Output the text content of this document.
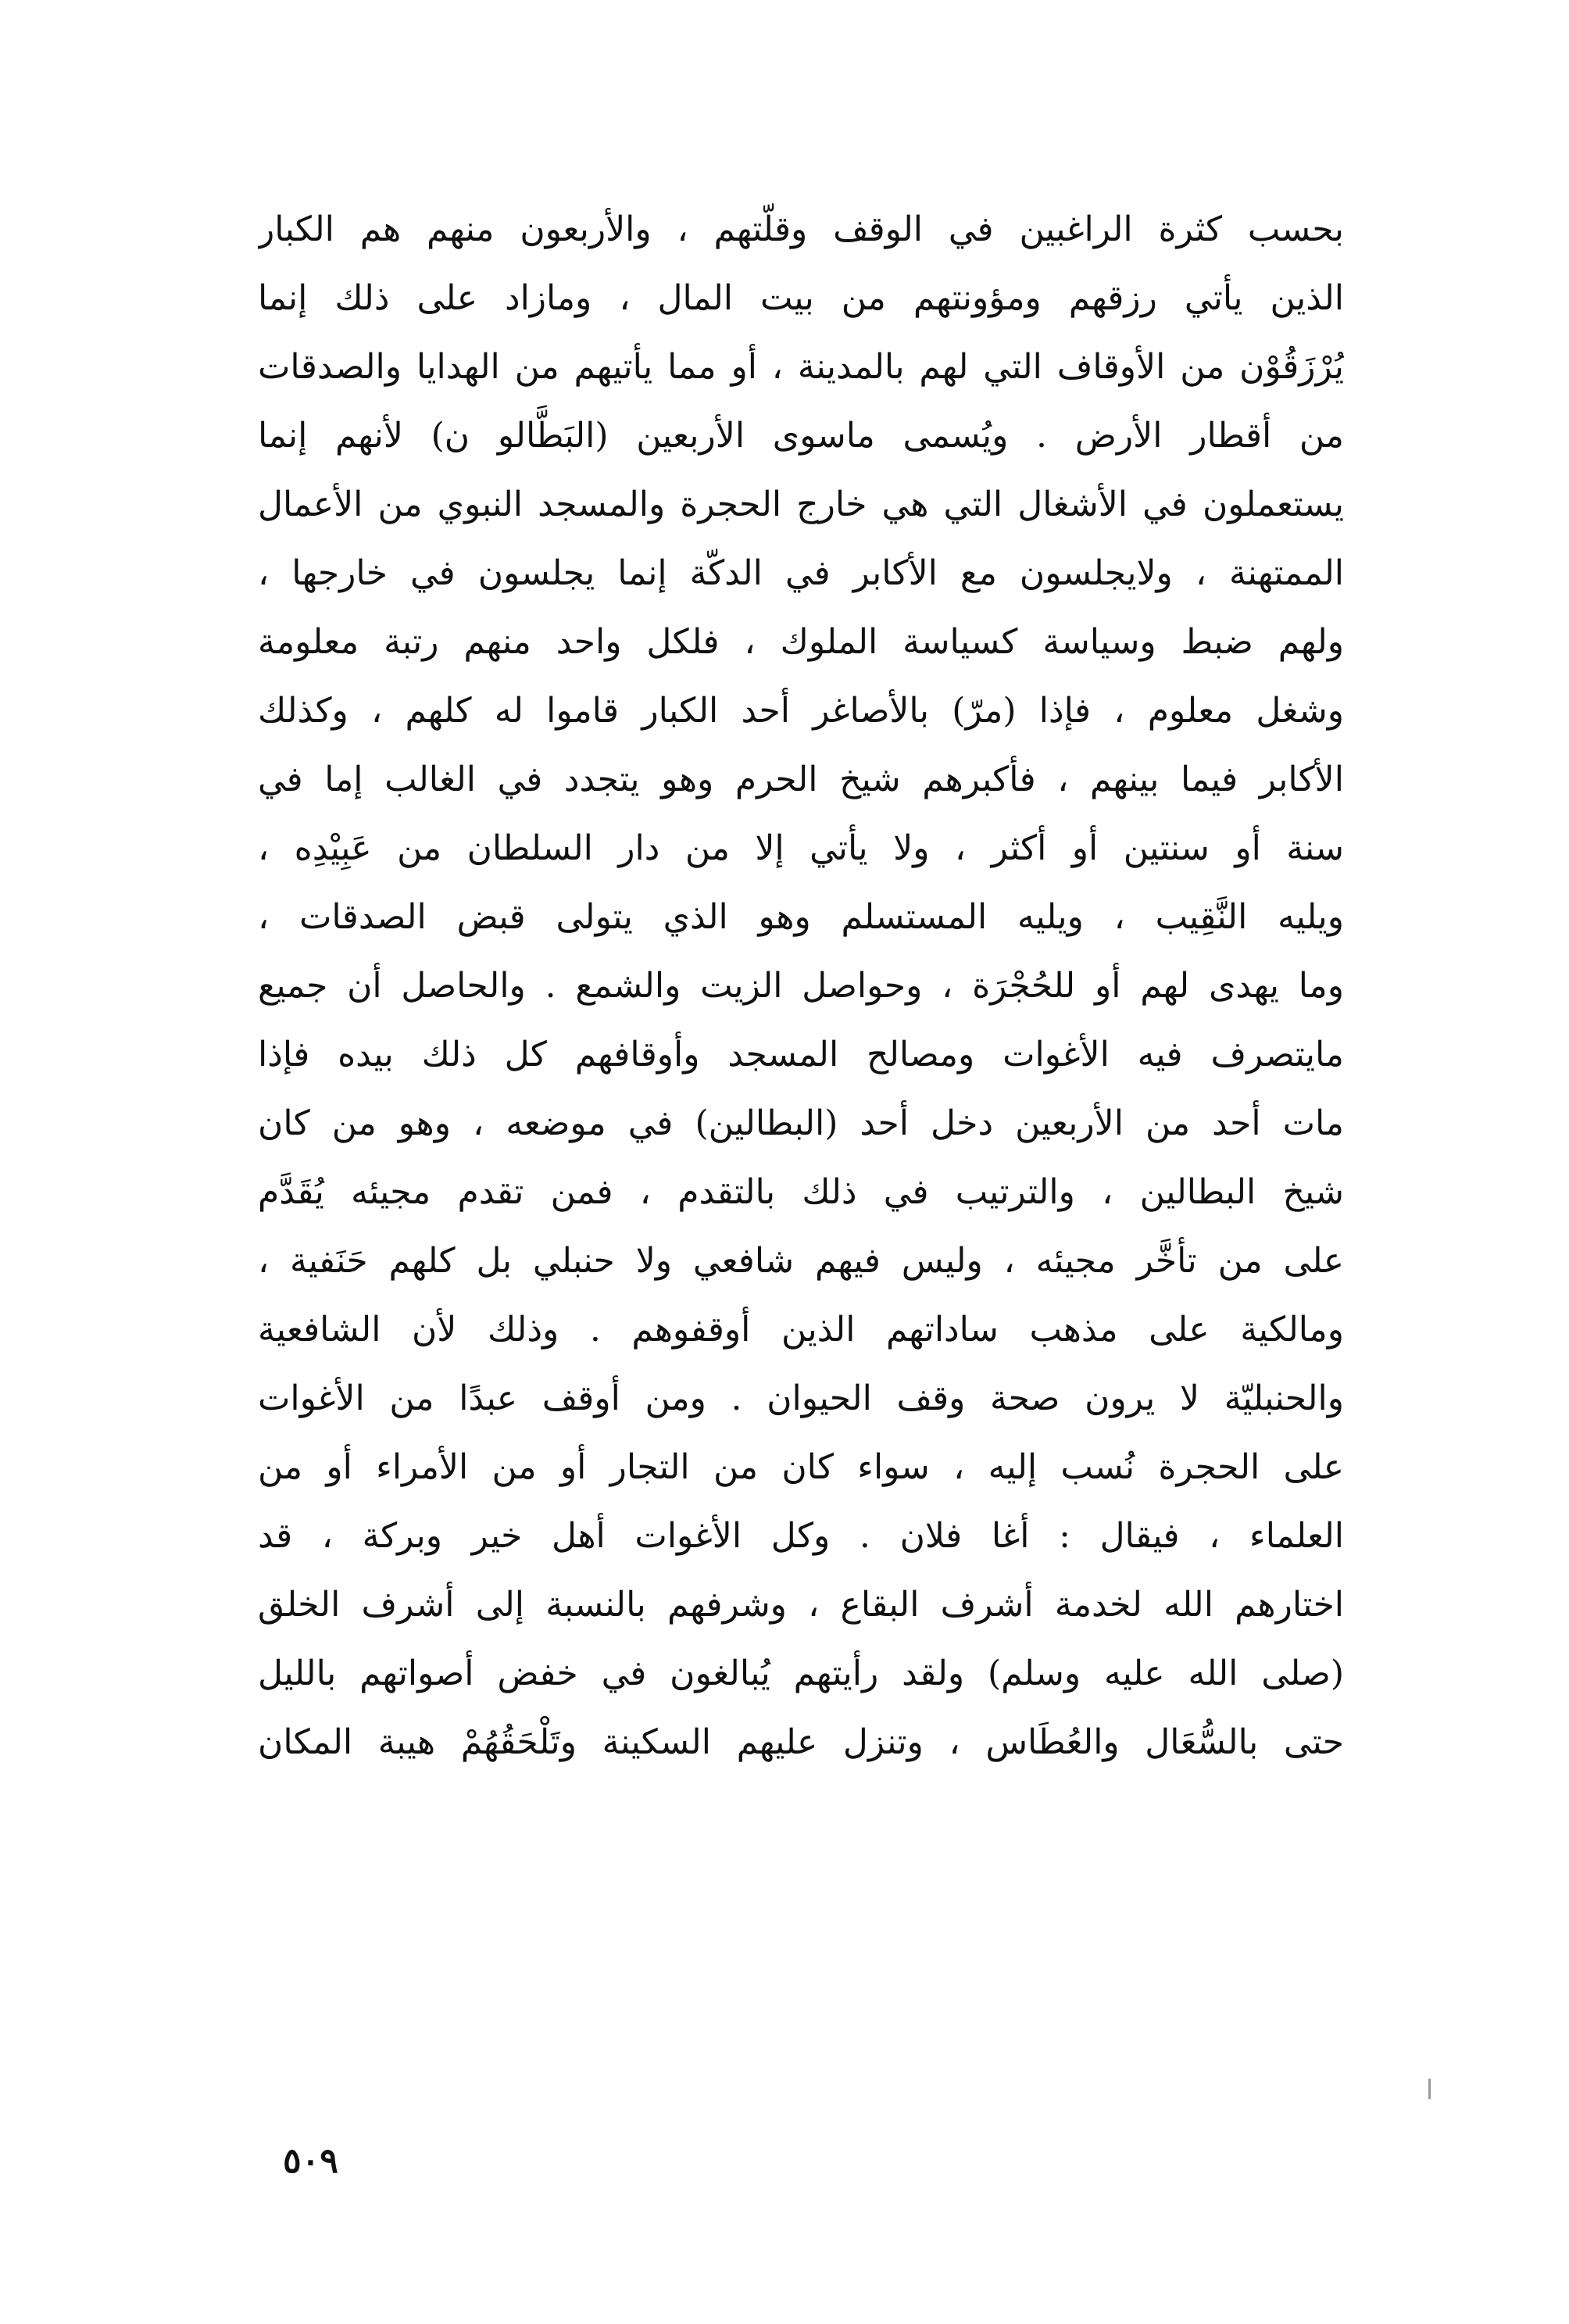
بحسب كثرة الراغبين في الوقف وقلّتهم ، والأربعون منهم هم الكبار
الذين يأتي رزقهم ومؤونتهم من بيت المال ، ومازاد على ذلك إنما
يُرْزَقُوْن من الأوقاف التي لهم بالمدينة ، أو مما يأتيهم من الهدايا والصدقات
من أقطار الأرض . ويُسمى ماسوى الأربعين (البَطَّالو ن) لأنهم إنما
يستعملون في الأشغال التي هي خارج الحجرة والمسجد النبوي من الأعمال
الممتهنة ، ولايجلسون مع الأكابر في الدكّة إنما يجلسون في خارجها ،
ولهم ضبط وسياسة كسياسة الملوك ، فلكل واحد منهم رتبة معلومة
وشغل معلوم ، فإذا (مرّ) بالأصاغر أحد الكبار قاموا له كلهم ، وكذلك
الأكابر فيما بينهم ، فأكبرهم شيخ الحرم وهو يتجدد في الغالب إما في
سنة أو سنتين أو أكثر ، ولا يأتي إلا من دار السلطان من عَبِيْدِه ،
ويليه النَّقِيب ، ويليه المستسلم وهو الذي يتولى قبض الصدقات ،
وما يهدى لهم أو للحُجْرَة ، وحواصل الزيت والشمع . والحاصل أن جميع
مايتصرف فيه الأغوات ومصالح المسجد وأوقافهم كل ذلك بيده فإذا
مات أحد من الأربعين دخل أحد (البطالين) في موضعه ، وهو من كان
شيخ البطالين ، والترتيب في ذلك بالتقدم ، فمن تقدم مجيئه يُقَدَّم
على من تأخَّر مجيئه ، وليس فيهم شافعي ولا حنبلي بل كلهم حَنَفية ،
ومالكية على مذهب ساداتهم الذين أوقفوهم . وذلك لأن الشافعية
والحنبليّة لا يرون صحة وقف الحيوان . ومن أوقف عبدًا من الأغوات
على الحجرة نُسب إليه ، سواء كان من التجار أو من الأمراء أو من
العلماء ، فيقال : أغا فلان . وكل الأغوات أهل خير وبركة ، قد
اختارهم الله لخدمة أشرف البقاع ، وشرفهم بالنسبة إلى أشرف الخلق
(صلى الله عليه وسلم) ولقد رأيتهم يُبالغون في خفض أصواتهم بالليل
حتى بالسُّعَال والعُطَاس ، وتنزل عليهم السكينة وتَلْحَقُهُمْ هيبة المكان
٥٠٩
